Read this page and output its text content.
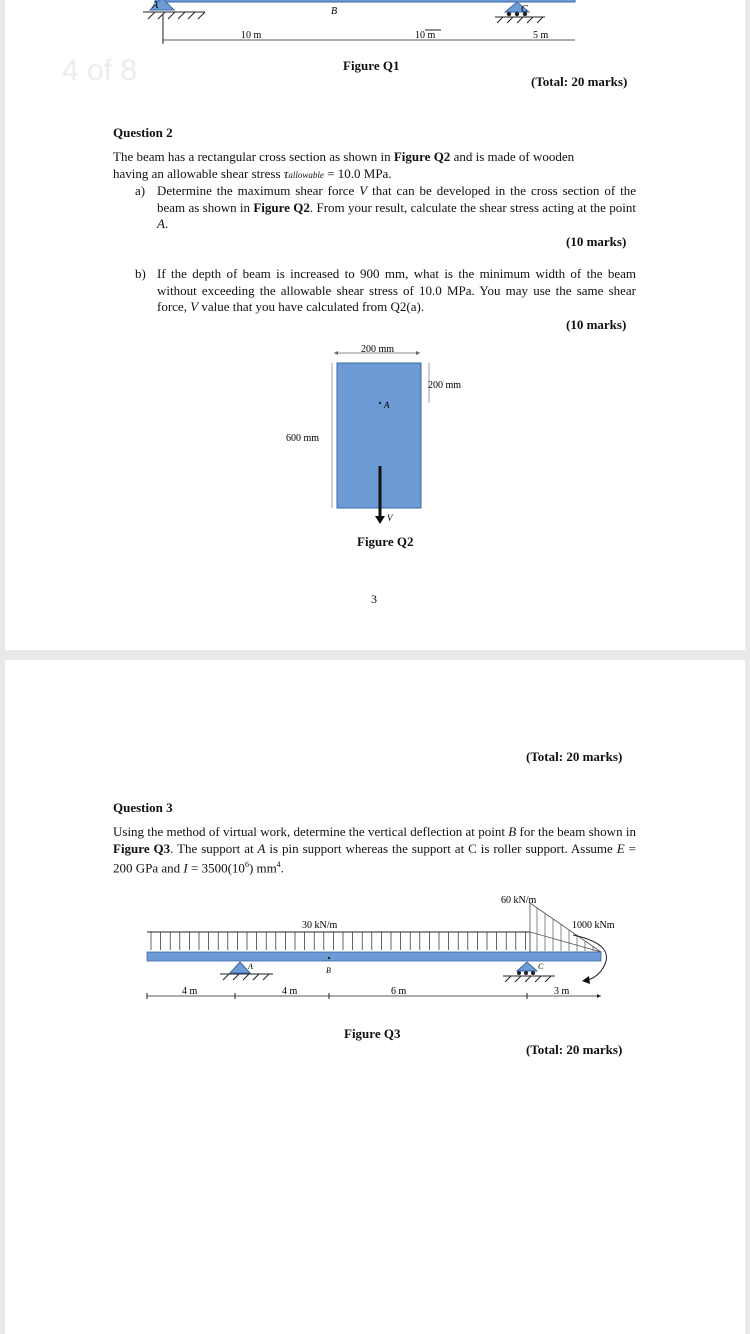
4 of 8
A
B	C
10 m	10 m	5 m
Figure Q1
(Total: 20 marks)
Question 2
The beam has a rectangular cross section as shown in Figure Q2 and is made of wooden
having an allowable shear stress τallowable = 10.0 MPa.
a) Determine the maximum shear force V that can be developed in the cross section of the beam as shown in Figure Q2. From your result, calculate the shear stress acting at the point A.
(10 marks)
b) If the depth of beam is increased to 900 mm, what is the minimum width of the beam without exceeding the allowable shear stress of 10.0 MPa. You may use the same shear force, V value that you have calculated from Q2(a).
(10 marks)
200 mm
200 mm
600 mm
A
V
Figure Q2
3
(Total: 20 marks)
Question 3
Using the method of virtual work, determine the vertical deflection at point B for the beam shown in Figure Q3. The support at A is pin support whereas the support at C is roller support. Assume E = 200 GPa and $I = 3500(10^6)$ $mm^4$.
60 kN/m
30 kN/m	1000 kNm
A	B	C
4 m	4 m	6 m	3 m
Figure Q3
(Total: 20 marks)
